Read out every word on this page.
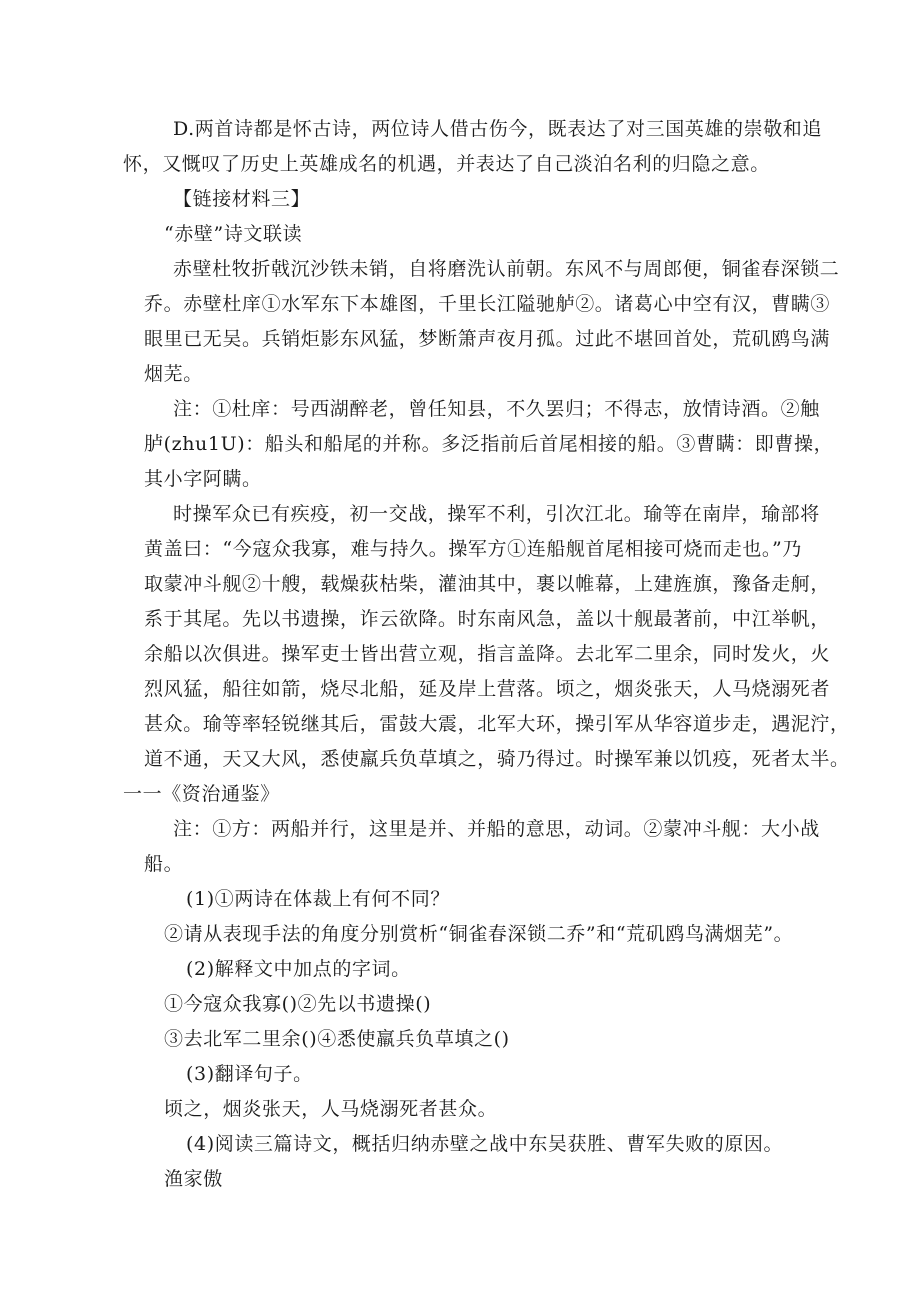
D.两首诗都是怀古诗，两位诗人借古伤今，既表达了对三国英雄的崇敬和追
怀，又慨叹了历史上英雄成名的机遇，并表达了自己淡泊名利的归隐之意。
【链接材料三】
“赤壁”诗文联读
赤壁杜牧折戟沉沙铁未销，自将磨洗认前朝。东风不与周郎便，铜雀春深锁二
乔。赤壁杜庠①水军东下本雄图，千里长江隘驰舻②。诸葛心中空有汉，曹瞒③
眼里已无吴。兵销炬影东风猛，梦断箫声夜月孤。过此不堪回首处，荒矶鸥鸟满
烟芜。
注：①杜庠：号西湖醉老，曾任知县，不久罢归；不得志，放情诗酒。②触
胪(zhu1U)：船头和船尾的并称。多泛指前后首尾相接的船。③曹瞒：即曹操，
其小字阿瞒。
时操军众已有疾疫，初一交战，操军不利，引次江北。瑜等在南岸，瑜部将
黄盖曰：“今寇众我寡，难与持久。操军方①连船舰首尾相接可烧而走也。”乃
取蒙冲斗舰②十艘，载燥荻枯柴，灌油其中，裹以帷幕，上建旌旗，豫备走舸，
系于其尾。先以书遗操，诈云欲降。时东南风急，盖以十舰最著前，中江举帆，
余船以次俱进。操军吏士皆出营立观，指言盖降。去北军二里余，同时发火，火
烈风猛，船往如箭，烧尽北船，延及岸上营落。顷之，烟炎张天，人马烧溺死者
甚众。瑜等率轻锐继其后，雷鼓大震，北军大环，操引军从华容道步走，遇泥泞，
道不通，天又大风，悉使羸兵负草填之，骑乃得过。时操军兼以饥疫，死者太半。
一一《资治通鉴》
注：①方：两船并行，这里是并、并船的意思，动词。②蒙冲斗舰：大小战
船。
(1)①两诗在体裁上有何不同？
②请从表现手法的角度分别赏析“铜雀春深锁二乔”和“荒矶鸥鸟满烟芜”。
(2)解释文中加点的字词。
①今寇众我寡()②先以书遗操()
③去北军二里余()④悉使羸兵负草填之()
(3)翻译句子。
顷之，烟炎张天，人马烧溺死者甚众。
(4)阅读三篇诗文，概括归纳赤壁之战中东吴获胜、曹军失败的原因。
渔家傲
